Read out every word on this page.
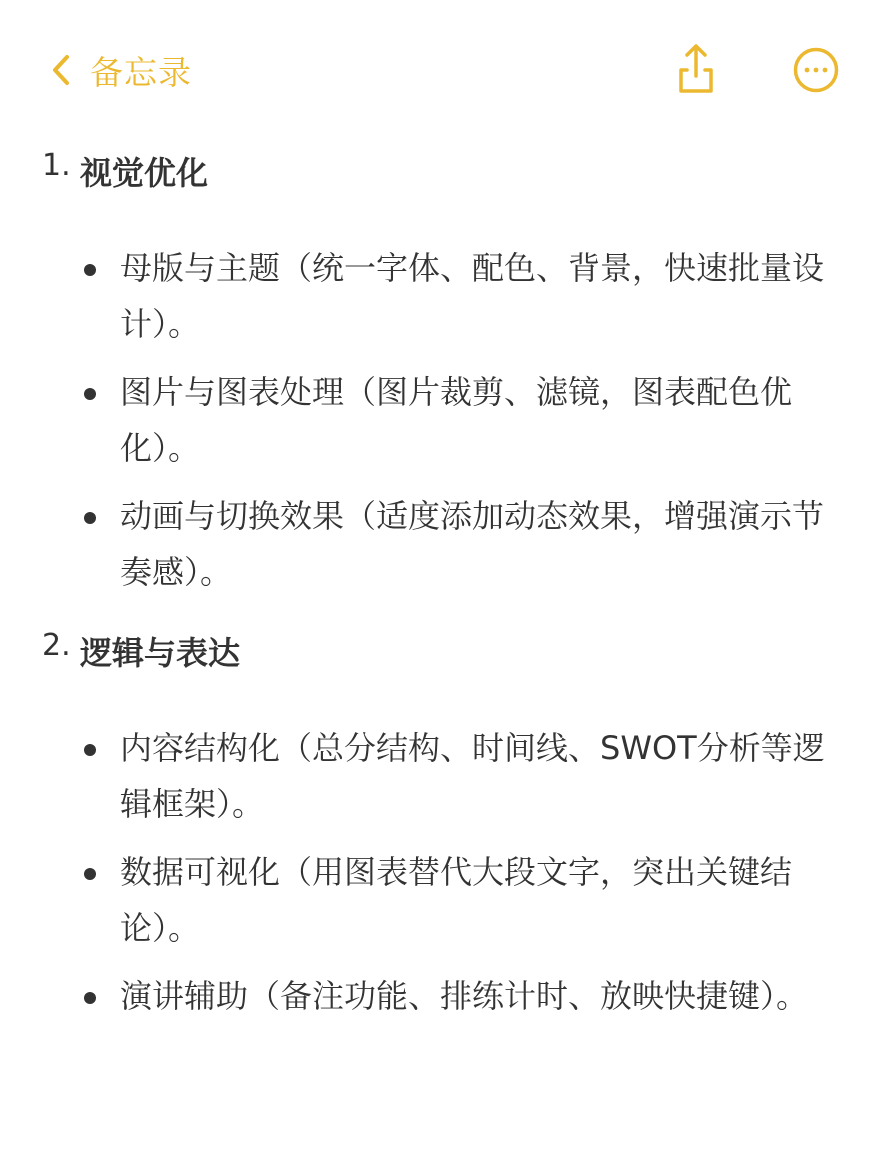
备忘录
1. 视觉优化
母版与主题（统一字体、配色、背景，快速批量设计）。
图片与图表处理（图片裁剪、滤镜，图表配色优化）。
动画与切换效果（适度添加动态效果，增强演示节奏感）。
2. 逻辑与表达
内容结构化（总分结构、时间线、SWOT分析等逻辑框架）。
数据可视化（用图表替代大段文字，突出关键结论）。
演讲辅助（备注功能、排练计时、放映快捷键）。
